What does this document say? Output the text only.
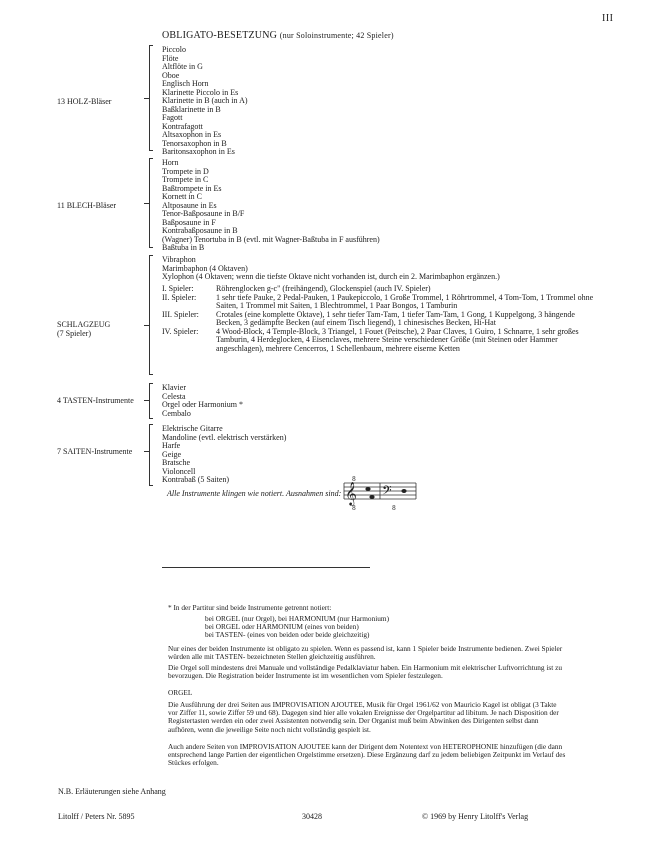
III
OBLIGATO-BESETZUNG (nur Soloinstrumente; 42 Spieler)
13 HOLZ-Bläser
Piccolo
Flöte
Altflöte in G
Oboe
Englisch Horn
Klarinette Piccolo in Es
Klarinette in B (auch in A)
Baßklarinette in B
Fagott
Kontrafagott
Altsaxophon in Es
Tenorsaxophon in B
Baritonsaxophon in Es
11 BLECH-Bläser
Horn
Trompete in D
Trompete in C
Baßtrompete in Es
Kornett in C
Altposaune in Es
Tenor-Baßposaune in B/F
Baßposaune in F
Kontrabaßposaune in B
(Wagner) Tenortuba in B (evtl. mit Wagner-Baßtuba in F ausführen)
Baßtuba in B
SCHLAGZEUG
(7 Spieler)
Vibraphon
Marimbaphon (4 Oktaven)
Xylophon (4 Oktaven; wenn die tiefste Oktave nicht vorhanden ist, durch ein 2. Marimbaphon ergänzen.)
I. Spieler:	Röhrenglocken g-c" (freihängend), Glockenspiel (auch IV. Spieler)
II. Spieler:	1 sehr tiefe Pauke, 2 Pedal-Pauken, 1 Paukepiccolo, 1 Große Trommel, 1 Röhrtrommel, 4 Tom-Tom, 1 Trommel ohne Saiten, 1 Trommel mit Saiten, 1 Blechtrommel, 1 Paar Bongos, 1 Tamburin
III. Spieler:	Crotales (eine komplette Oktave), 1 sehr tiefer Tam-Tam, 1 tiefer Tam-Tam, 1 Gong, 1 Kuppelgong, 3 hängende Becken, 3 gedämpfte Becken (auf einem Tisch liegend), 1 chinesisches Becken, Hi-Hat
IV. Spieler:	4 Wood-Block, 4 Temple-Block, 3 Triangel, 1 Fouet (Peitsche), 2 Paar Claves, 1 Guiro, 1 Schnarre, 1 sehr großes Tamburin, 4 Herdeglocken, 4 Eisenclaves, mehrere Steine verschiedener Größe (mit Steinen oder Hammer angeschlagen), mehrere Cencerros, 1 Schellenbaum, mehrere eiserne Ketten
4 TASTEN-Instrumente
Klavier
Celesta
Orgel oder Harmonium *
Cembalo
7 SAITEN-Instrumente
Elektrische Gitarre
Mandoline (evtl. elektrisch verstärken)
Harfe
Geige
Bratsche
Violoncell
Kontrabaß (5 Saiten)
Alle Instrumente klingen wie notiert. Ausnahmen sind: 𝄞 𝄢
8
8
8
* In der Partitur sind beide Instrumente getrennt notiert:
bei ORGEL (nur Orgel), bei HARMONIUM (nur Harmonium)
bei ORGEL oder HARMONIUM (eines von beiden)
bei TASTEN- (eines von beiden oder beide gleichzeitig)
Nur eines der beiden Instrumente ist obligato zu spielen. Wenn es passend ist, kann 1 Spieler beide Instrumente bedienen. Zwei Spieler würden alle mit TASTEN- bezeichneten Stellen gleichzeitig ausführen.
Die Orgel soll mindestens drei Manuale und vollständige Pedalklaviatur haben. Ein Harmonium mit elektrischer Luftvorrichtung ist zu bevorzugen. Die Registration beider Instrumente ist im wesentlichen vom Spieler festzulegen.
ORGEL
Die Ausführung der drei Seiten aus IMPROVISATION AJOUTEE, Musik für Orgel 1961/62 von Mauricio Kagel ist obligat (3 Takte vor Ziffer 11, sowie Ziffer 59 und 68). Dagegen sind hier alle vokalen Ereignisse der Orgelpartitur ad libitum. Je nach Disposition der Registertasten werden ein oder zwei Assistenten notwendig sein. Der Organist muß beim Abwinken des Dirigenten selbst dann aufhören, wenn die jeweilige Seite noch nicht vollständig gespielt ist.
Auch andere Seiten von IMPROVISATION AJOUTEE kann der Dirigent dem Notentext von HETEROPHONIE hinzufügen (die dann entsprechend lange Partien der eigentlichen Orgelstimme ersetzen). Diese Ergänzung darf zu jedem beliebigen Zeitpunkt im Verlauf des Stückes erfolgen.
N.B. Erläuterungen siehe Anhang
Litolff / Peters Nr. 5895	30428	© 1969 by Henry Litolff's Verlag
